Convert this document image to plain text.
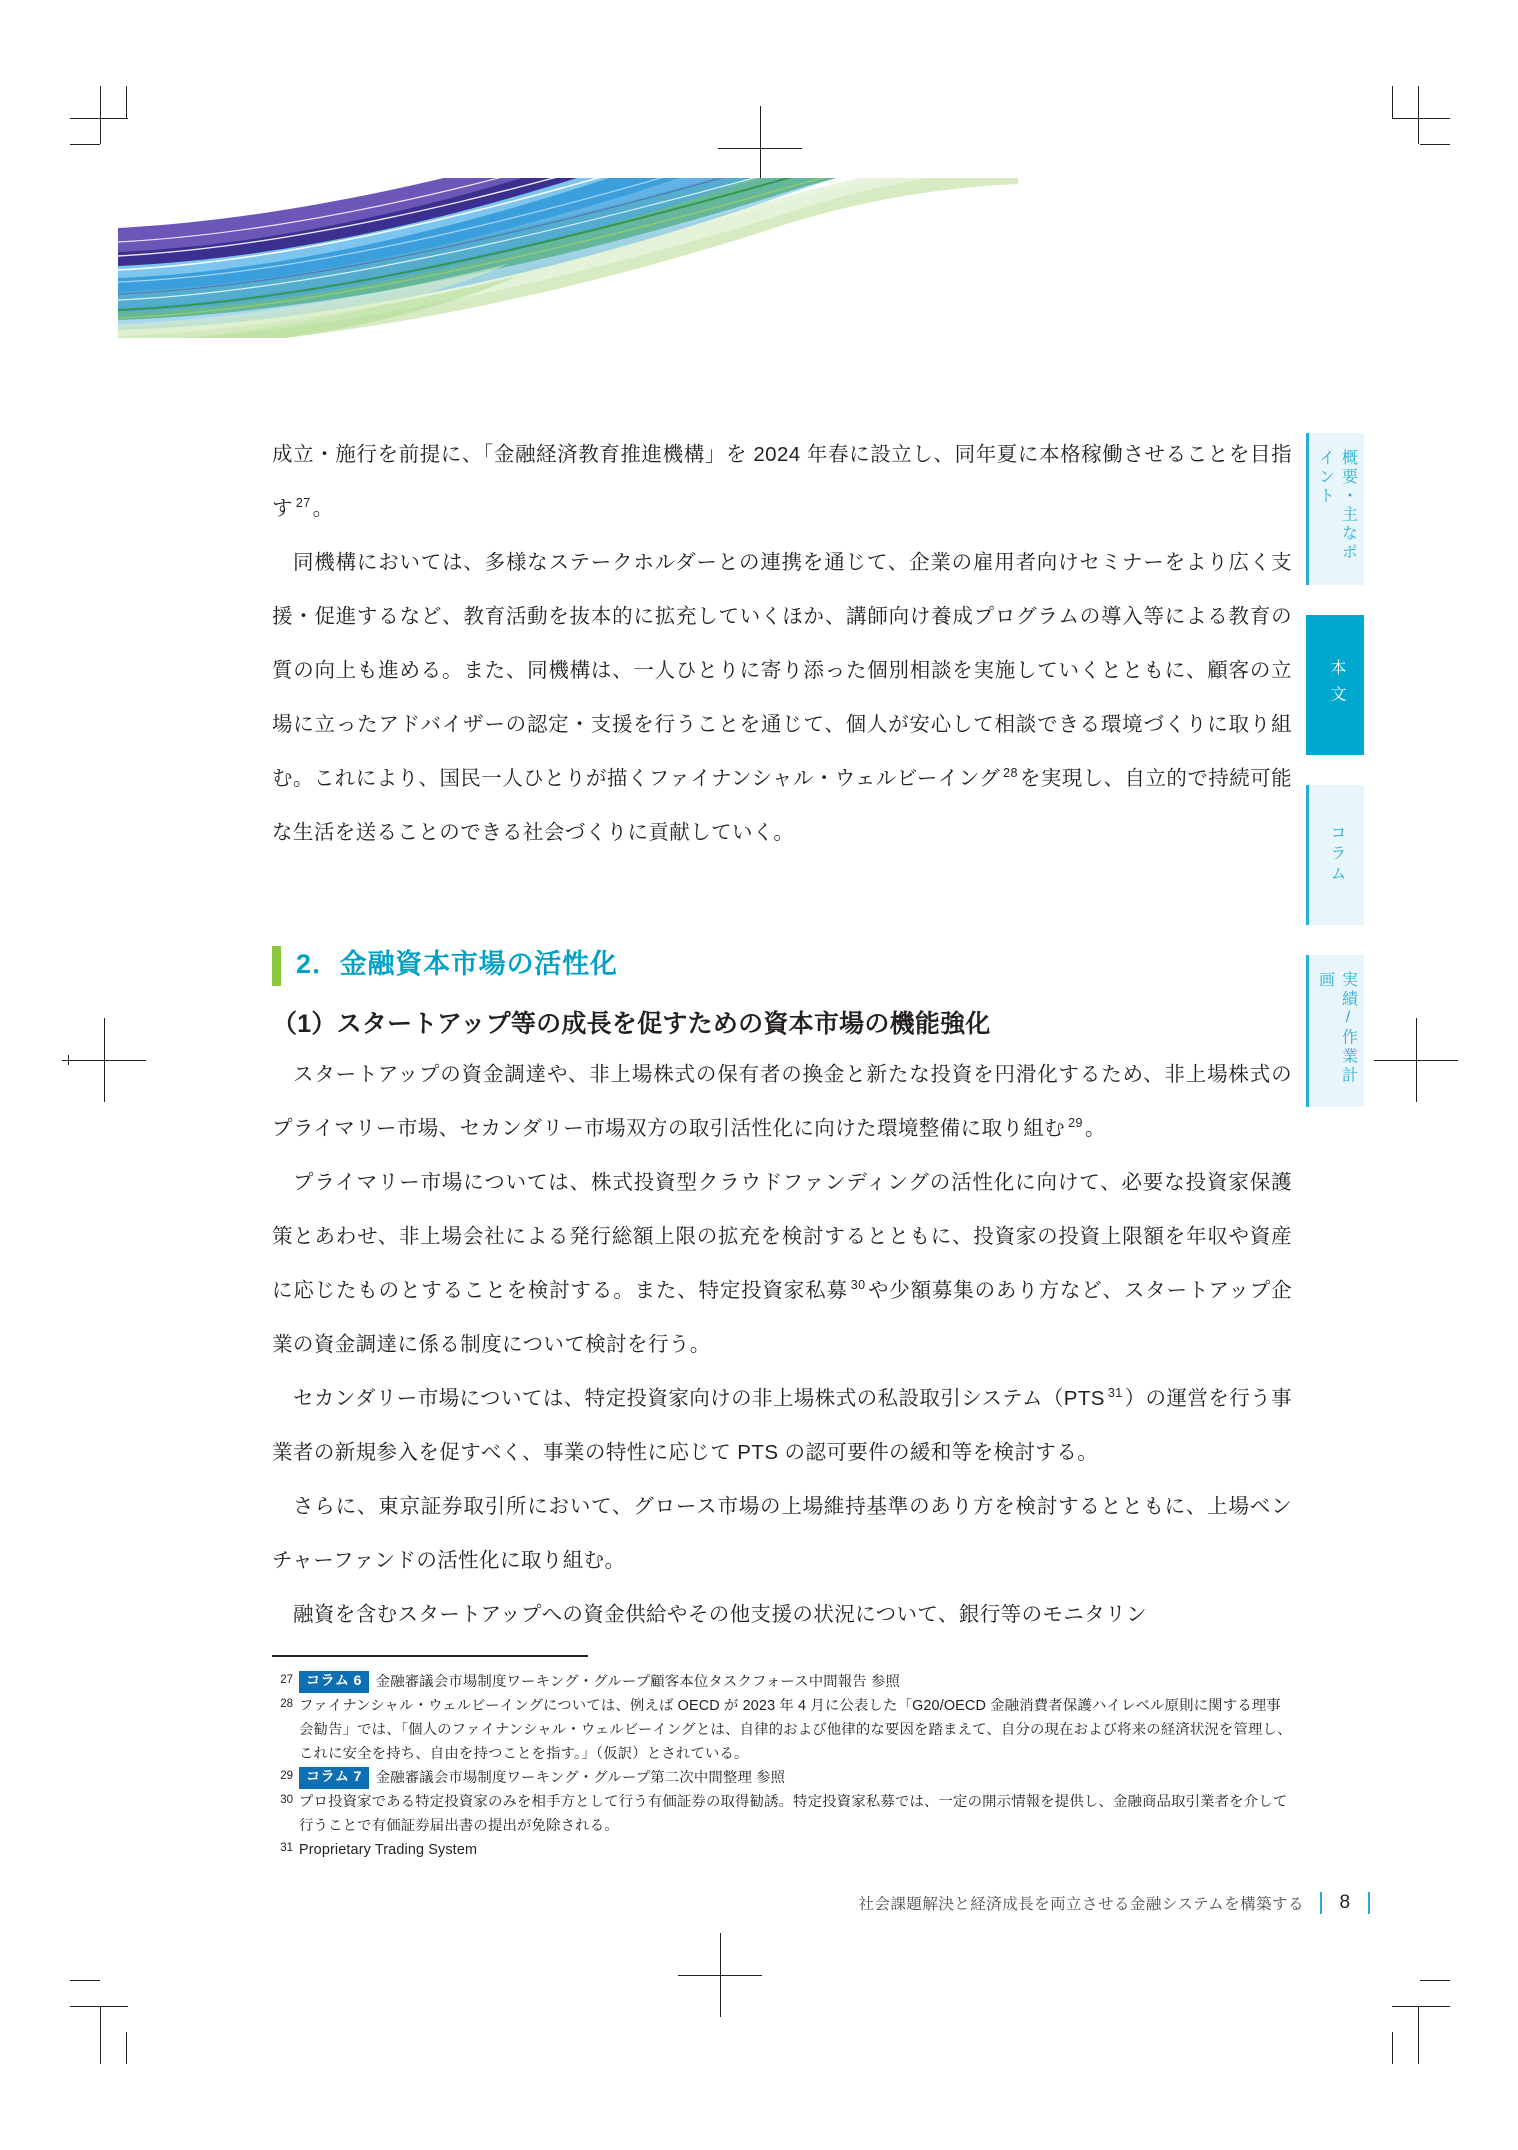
成立・施行を前提に、「金融経済教育推進機構」を 2024 年春に設立し、同年夏に本格稼働させることを目指す $^{27}$。

同機構においては、多様なステークホルダーとの連携を通じて、企業の雇用者向けセミナーをより広く支援・促進するなど、教育活動を抜本的に拡充していくほか、講師向け養成プログラムの導入等による教育の質の向上も進める。また、同機構は、一人ひとりに寄り添った個別相談を実施していくとともに、顧客の立場に立ったアドバイザーの認定・支援を行うことを通じて、個人が安心して相談できる環境づくりに取り組む。これにより、国民一人ひとりが描くファイナンシャル・ウェルビーイング $^{28}$を実現し、自立的で持続可能な生活を送ることのできる社会づくりに貢献していく。

2．金融資本市場の活性化
（1）スタートアップ等の成長を促すための資本市場の機能強化

スタートアップの資金調達や、非上場株式の保有者の換金と新たな投資を円滑化するため、非上場株式のプライマリー市場、セカンダリー市場双方の取引活性化に向けた環境整備に取り組む $^{29}$。

プライマリー市場については、株式投資型クラウドファンディングの活性化に向けて、必要な投資家保護策とあわせ、非上場会社による発行総額上限の拡充を検討するとともに、投資家の投資上限額を年収や資産に応じたものとすることを検討する。また、特定投資家私募 $^{30}$や少額募集のあり方など、スタートアップ企業の資金調達に係る制度について検討を行う。

セカンダリー市場については、特定投資家向けの非上場株式の私設取引システム（PTS $^{31}$）の運営を行う事業者の新規参入を促すべく、事業の特性に応じて PTS の認可要件の緩和等を検討する。

さらに、東京証券取引所において、グロース市場の上場維持基準のあり方を検討するとともに、上場ベンチャーファンドの活性化に取り組む。

融資を含むスタートアップへの資金供給やその他支援の状況について、銀行等のモニタリン

27 コラム 6 金融審議会市場制度ワーキング・グループ顧客本位タスクフォース中間報告 参照
28 ファイナンシャル・ウェルビーイングについては、例えば OECD が 2023 年 4 月に公表した「G20/OECD 金融消費者保護ハイレベル原則に関する理事会勧告」では、「個人のファイナンシャル・ウェルビーイングとは、自律的および他律的な要因を踏まえて、自分の現在および将来の経済状況を管理し、これに安全を持ち、自由を持つことを指す。」（仮訳）とされている。
29 コラム 7 金融審議会市場制度ワーキング・グループ第二次中間整理 参照
30 プロ投資家である特定投資家のみを相手方として行う有価証券の取得勧誘。特定投資家私募では、一定の開示情報を提供し、金融商品取引業者を介して行うことで有価証券届出書の提出が免除される。
31 Proprietary Trading System
概要・主なポイント
本文
コラム
実績/作業計画
社会課題解決と経済成長を両立させる金融システムを構築する 8
